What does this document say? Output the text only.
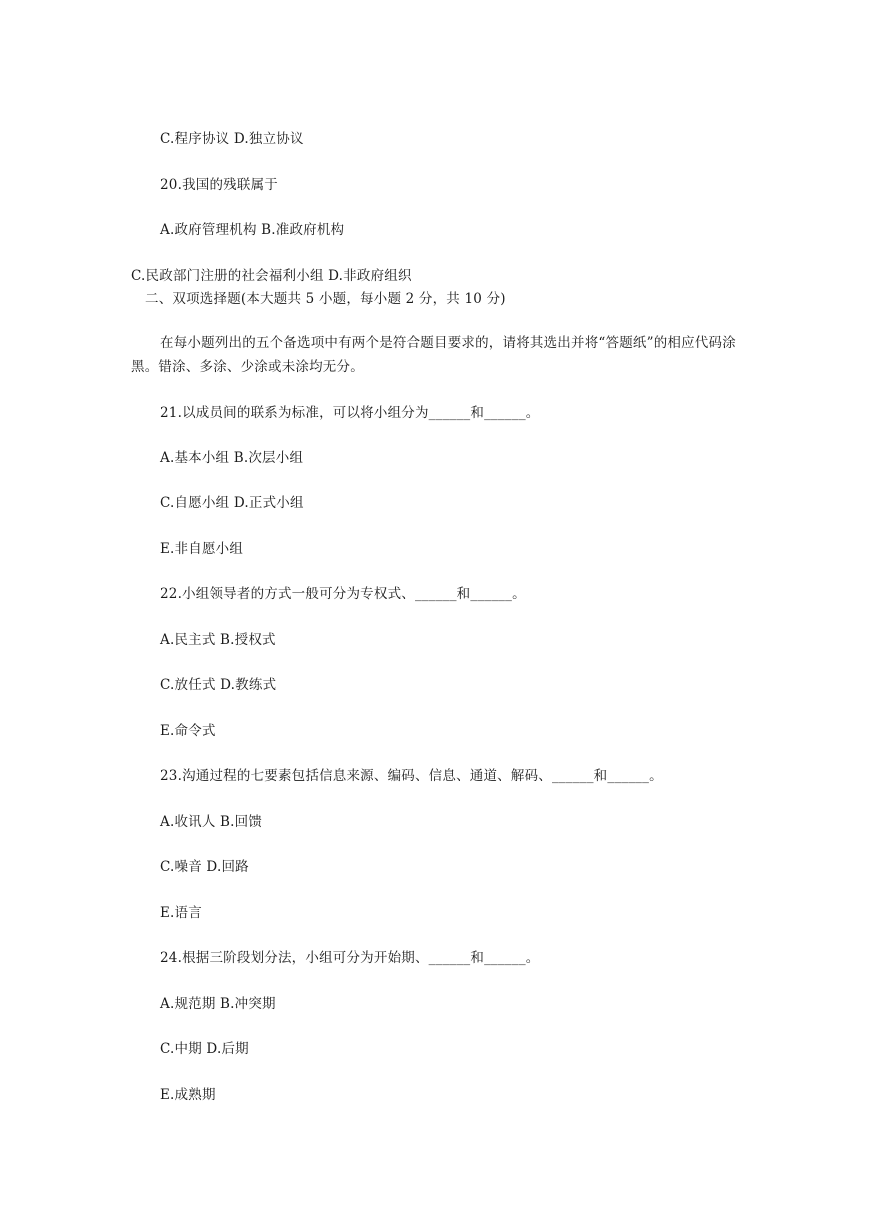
C.程序协议 D.独立协议
20.我国的残联属于
A.政府管理机构 B.准政府机构
C.民政部门注册的社会福利小组 D.非政府组织
二、双项选择题(本大题共 5 小题，每小题 2 分，共 10 分)
在每小题列出的五个备选项中有两个是符合题目要求的，请将其选出并将“答题纸”的相应代码涂黑。错涂、多涂、少涂或未涂均无分。
21.以成员间的联系为标准，可以将小组分为______和______。
A.基本小组 B.次层小组
C.自愿小组 D.正式小组
E.非自愿小组
22.小组领导者的方式一般可分为专权式、______和______。
A.民主式 B.授权式
C.放任式 D.教练式
E.命令式
23.沟通过程的七要素包括信息来源、编码、信息、通道、解码、______和______。
A.收讯人 B.回馈
C.噪音 D.回路
E.语言
24.根据三阶段划分法，小组可分为开始期、______和______。
A.规范期 B.冲突期
C.中期 D.后期
E.成熟期
